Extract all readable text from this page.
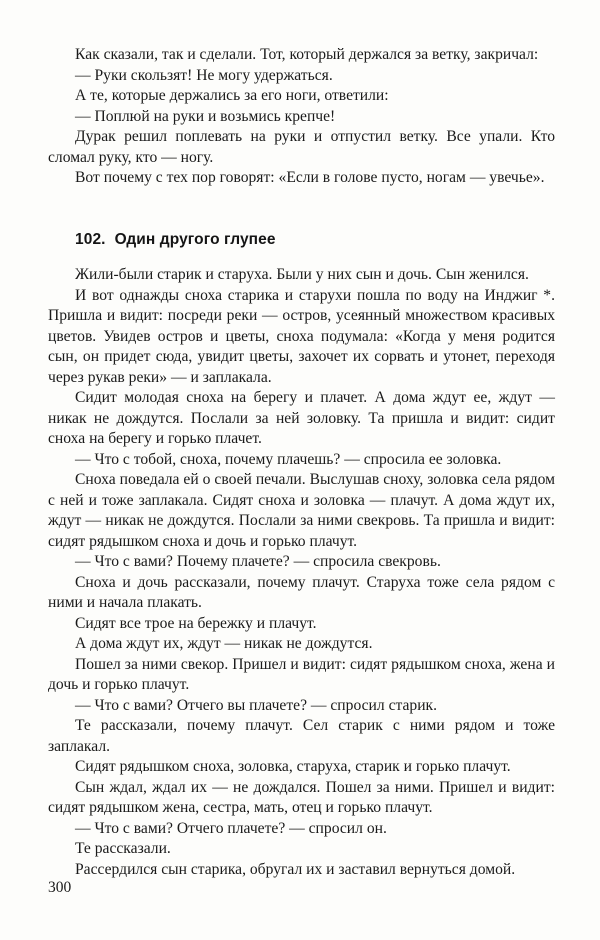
Как сказали, так и сделали. Тот, который держался за ветку, закричал:

— Руки скользят! Не могу удержаться.

А те, которые держались за его ноги, ответили:

— Поплюй на руки и возьмись крепче!

Дурак решил поплевать на руки и отпустил ветку. Все упали. Кто сломал руку, кто — ногу.

Вот почему с тех пор говорят: «Если в голове пусто, ногам — увечье».

102. Один другого глупее

Жили-были старик и старуха. Были у них сын и дочь. Сын женился.

И вот однажды сноха старика и старухи пошла по воду на Инджиг *. Пришла и видит: посреди реки — остров, усеянный множеством красивых цветов. Увидев остров и цветы, сноха подумала: «Когда у меня родится сын, он придет сюда, увидит цветы, захочет их сорвать и утонет, переходя через рукав реки» — и заплакала.

Сидит молодая сноха на берегу и плачет. А дома ждут ее, ждут — никак не дождутся. Послали за ней золовку. Та пришла и видит: сидит сноха на берегу и горько плачет.

— Что с тобой, сноха, почему плачешь? — спросила ее золовка.

Сноха поведала ей о своей печали. Выслушав сноху, золовка села рядом с ней и тоже заплакала. Сидят сноха и золовка — плачут. А дома ждут их, ждут — никак не дождутся. Послали за ними свекровь. Та пришла и видит: сидят рядышком сноха и дочь и горько плачут.

— Что с вами? Почему плачете? — спросила свекровь.

Сноха и дочь рассказали, почему плачут. Старуха тоже села рядом с ними и начала плакать.

Сидят все трое на бережку и плачут.

А дома ждут их, ждут — никак не дождутся.

Пошел за ними свекор. Пришел и видит: сидят рядышком сноха, жена и дочь и горько плачут.

— Что с вами? Отчего вы плачете? — спросил старик.

Те рассказали, почему плачут. Сел старик с ними рядом и тоже заплакал.

Сидят рядышком сноха, золовка, старуха, старик и горько плачут.

Сын ждал, ждал их — не дождался. Пошел за ними. Пришел и видит: сидят рядышком жена, сестра, мать, отец и горько плачут.

— Что с вами? Отчего плачете? — спросил он.

Те рассказали.

Рассердился сын старика, обругал их и заставил вернуться домой.

300
